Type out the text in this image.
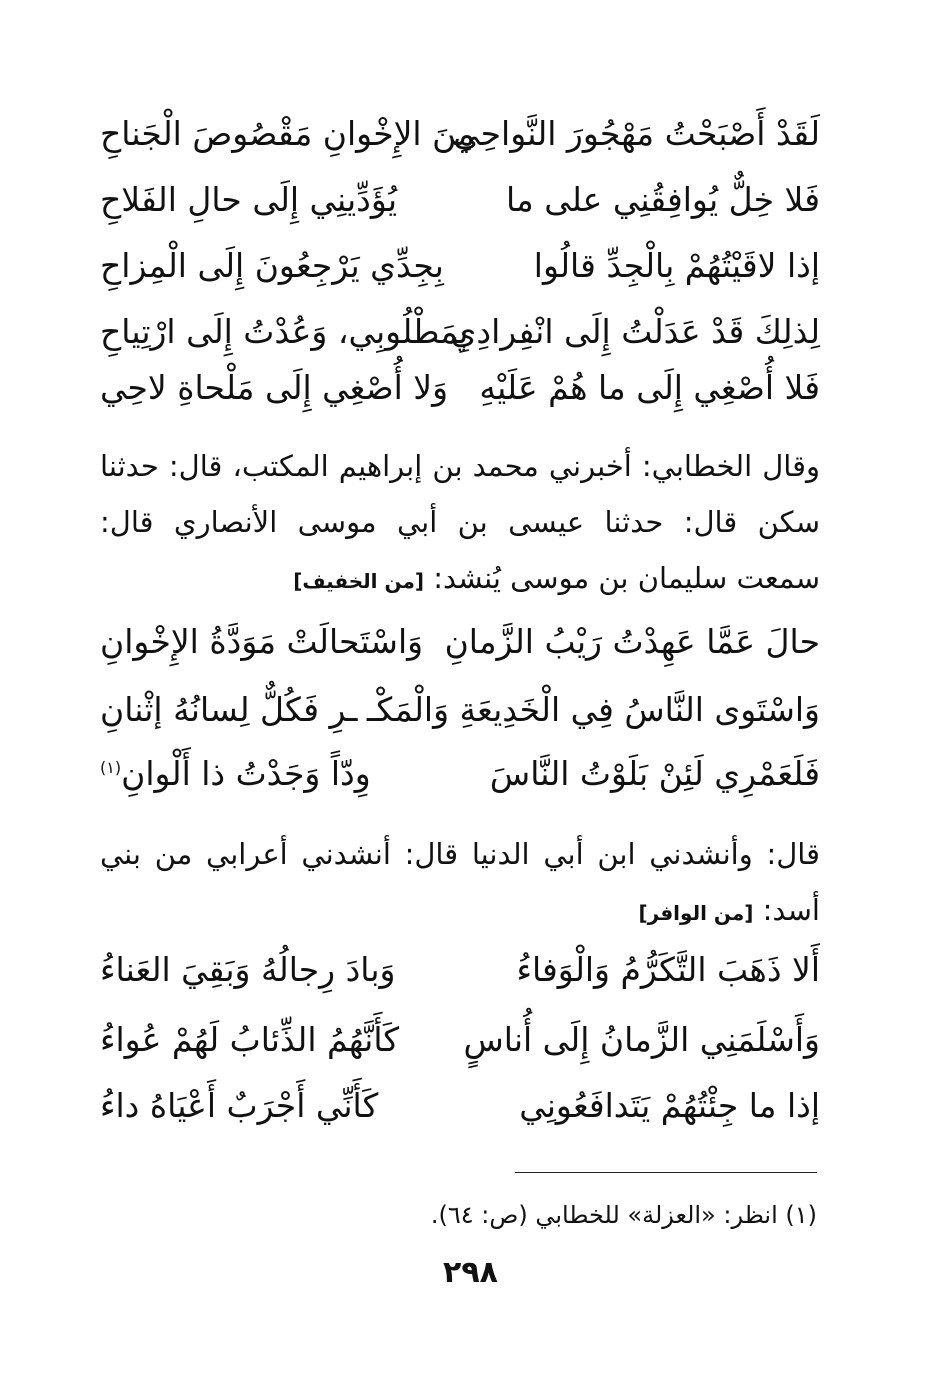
لَقَدْ أَصْبَحْتُ مَهْجُورَ النَّواحِي
مِنَ الإِخْوانِ مَقْصُوصَ الْجَناحِ
فَلا خِلٌّ يُوافِقُنِي على ما
يُؤَدِّينِي إِلَى حالِ الفَلاحِ
إذا لاقَيْتُهُمْ بِالْجِدِّ قالُوا
بِجِدِّي يَرْجِعُونَ إِلَى الْمِزاحِ
لِذلِكَ قَدْ عَدَلْتُ إِلَى انْفِرادِي
بِمَطْلُوبِي، وَعُدْتُ إِلَى ارْتِياحِ
فَلا أُصْغِي إِلَى ما هُمْ عَلَيْهِ
وَلا أُصْغِي إِلَى مَلْحاةِ لاحِي
وقال الخطابي: أخبرني محمد بن إبراهيم المكتب، قال: حدثنا سكن قال: حدثنا عيسى بن أبي موسى الأنصاري قال: سمعت سليمان بن موسى يُنشد: [من الخفيف]
حالَ عَمَّا عَهِدْتُ رَيْبُ الزَّمانِ
وَاسْتَحالَتْ مَوَدَّةُ الإِخْوانِ
وَاسْتَوى النَّاسُ فِي الْخَدِيعَةِ وَالْمَكْـ
ـرِ فَكُلٌّ لِسانُهُ إثْنانِ
فَلَعَمْرِي لَئِنْ بَلَوْتُ النَّاسَ
وِدّاً وَجَدْتُ ذا أَلْوانِ$^{(١)}$
قال: وأنشدني ابن أبي الدنيا قال: أنشدني أعرابي من بني أسد: [من الوافر]
أَلا ذَهَبَ التَّكَرُّمُ وَالْوَفاءُ
وَبادَ رِجالُهُ وَبَقِيَ العَناءُ
وَأَسْلَمَنِي الزَّمانُ إِلَى أُناسٍ
كَأَنَّهُمُ الذِّئابُ لَهُمْ عُواءُ
إذا ما جِئْتُهُمْ يَتَدافَعُونِي
كَأَنِّي أَجْرَبٌ أَعْيَاهُ داءُ
(١) انظر: «العزلة» للخطابي (ص: ٦٤).
٢٩٨
